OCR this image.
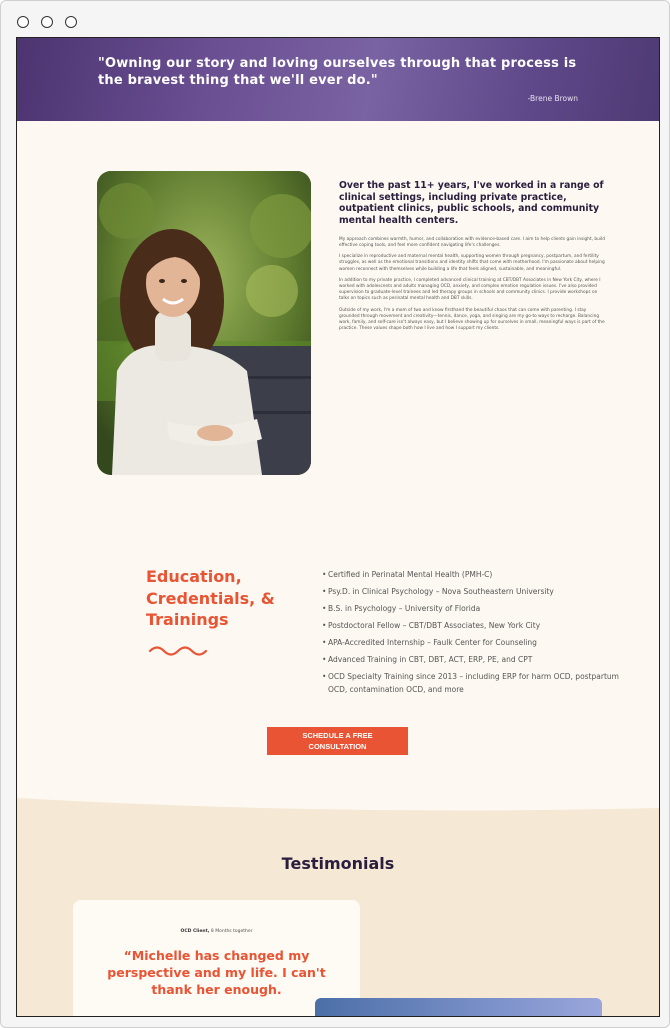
"Owning our story and loving ourselves through that process is the bravest thing that we'll ever do."
-Brene Brown
Over the past 11+ years, I've worked in a range of clinical settings, including private practice, outpatient clinics, public schools, and community mental health centers.

My approach combines warmth, humor, and collaboration with evidence-based care. I aim to help clients gain insight, build effective coping tools, and feel more confident navigating life's challenges.

I specialize in reproductive and maternal mental health, supporting women through pregnancy, postpartum, and fertility struggles, as well as the emotional transitions and identity shifts that come with motherhood. I'm passionate about helping women reconnect with themselves while building a life that feels aligned, sustainable, and meaningful.

In addition to my private practice, I completed advanced clinical training at CBT/DBT Associates in New York City, where I worked with adolescents and adults managing OCD, anxiety, and complex emotion regulation issues. I've also provided supervision to graduate-level trainees and led therapy groups in schools and community clinics. I provide workshops on talks on topics such as perinatal mental health and DBT skills.

Outside of my work, I'm a mom of two and know firsthand the beautiful chaos that can come with parenting. I stay grounded through movement and creativity—tennis, dance, yoga, and singing are my go-to ways to recharge. Balancing work, family, and self-care isn't always easy, but I believe showing up for ourselves in small, meaningful ways is part of the practice. These values shape both how I live and how I support my clients.

Education, Credentials, & Trainings
• Certified in Perinatal Mental Health (PMH-C)
• Psy.D. in Clinical Psychology – Nova Southeastern University
• B.S. in Psychology – University of Florida
• Postdoctoral Fellow – CBT/DBT Associates, New York City
• APA-Accredited Internship – Faulk Center for Counseling
• Advanced Training in CBT, DBT, ACT, ERP, PE, and CPT
• OCD Specialty Training since 2013 – including ERP for harm OCD, postpartum OCD, contamination OCD, and more
SCHEDULE A FREE CONSULTATION
Testimonials
OCD Client, 8 Months together
“Michelle has changed my perspective and my life. I can't thank her enough.
